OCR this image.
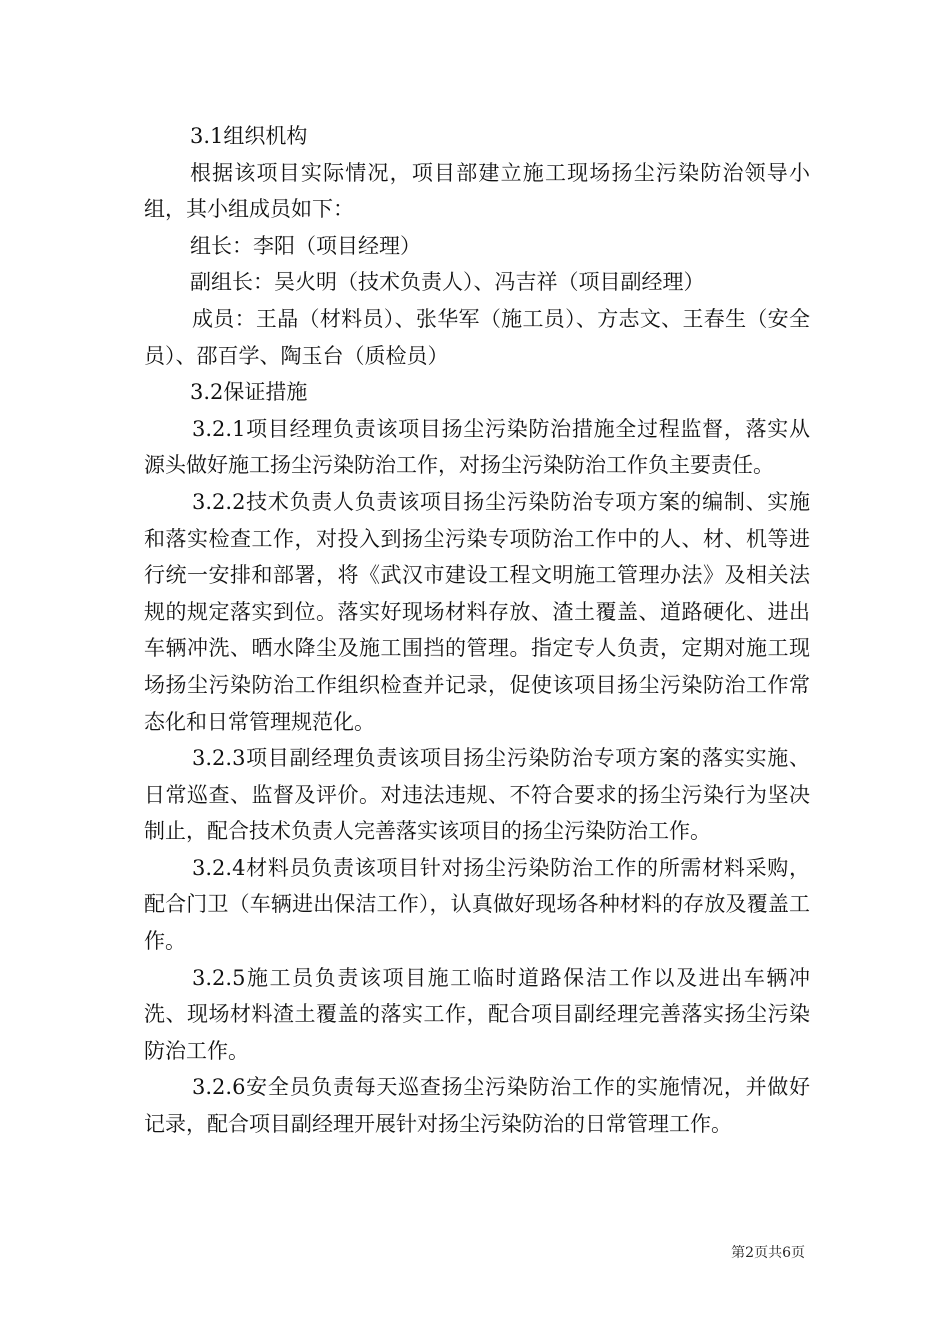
3.1组织机构

根据该项目实际情况，项目部建立施工现场扬尘污染防治领导小组，其小组成员如下：

组长：李阳（项目经理）

副组长：吴火明（技术负责人）、冯吉祥（项目副经理）

成员：王晶（材料员）、张华军（施工员）、方志文、王春生（安全员）、邵百学、陶玉台（质检员）

3.2保证措施

3.2.1项目经理负责该项目扬尘污染防治措施全过程监督，落实从源头做好施工扬尘污染防治工作，对扬尘污染防治工作负主要责任。

3.2.2技术负责人负责该项目扬尘污染防治专项方案的编制、实施和落实检查工作，对投入到扬尘污染专项防治工作中的人、材、机等进行统一安排和部署，将《武汉市建设工程文明施工管理办法》及相关法规的规定落实到位。落实好现场材料存放、渣土覆盖、道路硬化、进出车辆冲洗、晒水降尘及施工围挡的管理。指定专人负责，定期对施工现场扬尘污染防治工作组织检查并记录，促使该项目扬尘污染防治工作常态化和日常管理规范化。

3.2.3项目副经理负责该项目扬尘污染防治专项方案的落实实施、日常巡查、监督及评价。对违法违规、不符合要求的扬尘污染行为坚决制止，配合技术负责人完善落实该项目的扬尘污染防治工作。

3.2.4材料员负责该项目针对扬尘污染防治工作的所需材料采购，配合门卫（车辆进出保洁工作），认真做好现场各种材料的存放及覆盖工作。

3.2.5施工员负责该项目施工临时道路保洁工作以及进出车辆冲洗、现场材料渣土覆盖的落实工作，配合项目副经理完善落实扬尘污染防治工作。

3.2.6安全员负责每天巡查扬尘污染防治工作的实施情况，并做好记录，配合项目副经理开展针对扬尘污染防治的日常管理工作。

第2页共6页
